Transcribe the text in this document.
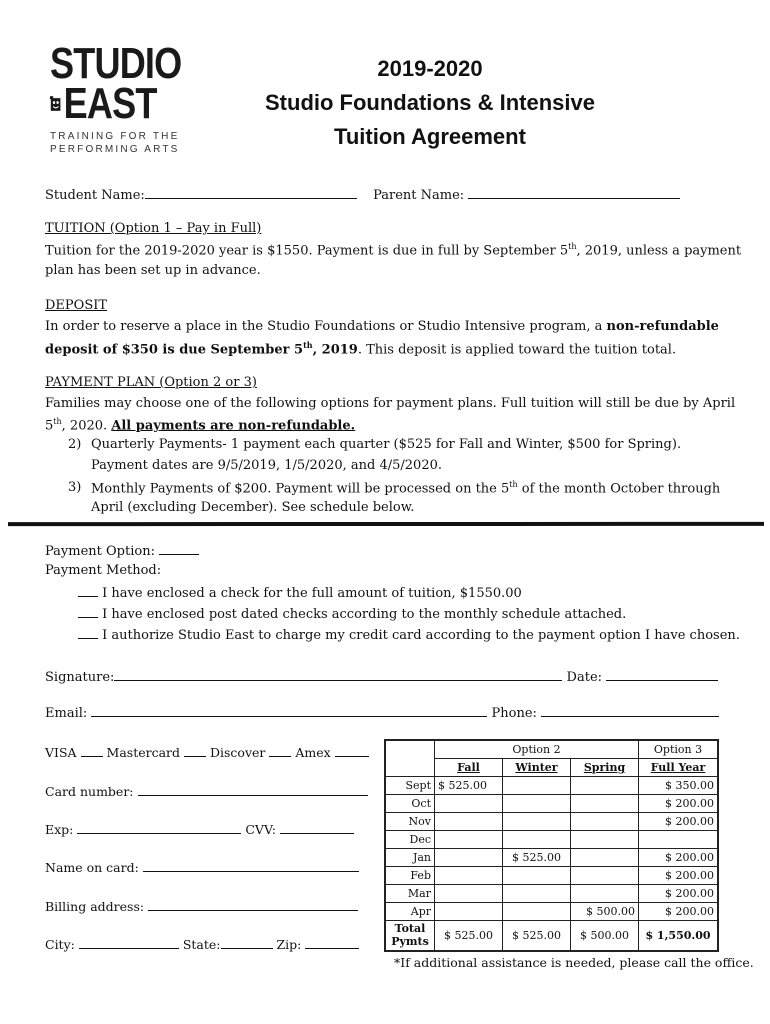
STUDIO
EAST
TRAINING FOR THE
PERFORMING ARTS
2019-2020
Studio Foundations & Intensive
Tuition Agreement
Student Name:	Parent Name:
TUITION (Option 1 – Pay in Full)
Tuition for the 2019-2020 year is $1550. Payment is due in full by September 5th, 2019, unless a payment
plan has been set up in advance.
DEPOSIT
In order to reserve a place in the Studio Foundations or Studio Intensive program, a non-refundable
deposit of $350 is due September 5th, 2019. This deposit is applied toward the tuition total.
PAYMENT PLAN (Option 2 or 3)
Families may choose one of the following options for payment plans. Full tuition will still be due by April
5th, 2020. All payments are non-refundable.
2) Quarterly Payments- 1 payment each quarter ($525 for Fall and Winter, $500 for Spring).
Payment dates are 9/5/2019, 1/5/2020, and 4/5/2020.
3) Monthly Payments of $200. Payment will be processed on the 5th of the month October through
April (excluding December). See schedule below.
Payment Option:
Payment Method:
I have enclosed a check for the full amount of tuition, $1550.00
I have enclosed post dated checks according to the monthly schedule attached.
I authorize Studio East to charge my credit card according to the payment option I have chosen.
Signature:	Date:
Email:	Phone:
VISA Mastercard Discover Amex
Card number:
Exp:	CVV:
Name on card:
Billing address:
City:	State:	Zip:
	Option 2			Option 3
	Fall	Winter	Spring	Full Year
Sept	$ 525.00			$ 350.00
Oct				$ 200.00
Nov				$ 200.00
Dec				
Jan		$ 525.00		$ 200.00
Feb				$ 200.00
Mar				$ 200.00
Apr			$ 500.00	$ 200.00

Total
Pymts	$ 525.00	$ 525.00	$ 500.00	$ 1,550.00
*If additional assistance is needed, please call the office.
